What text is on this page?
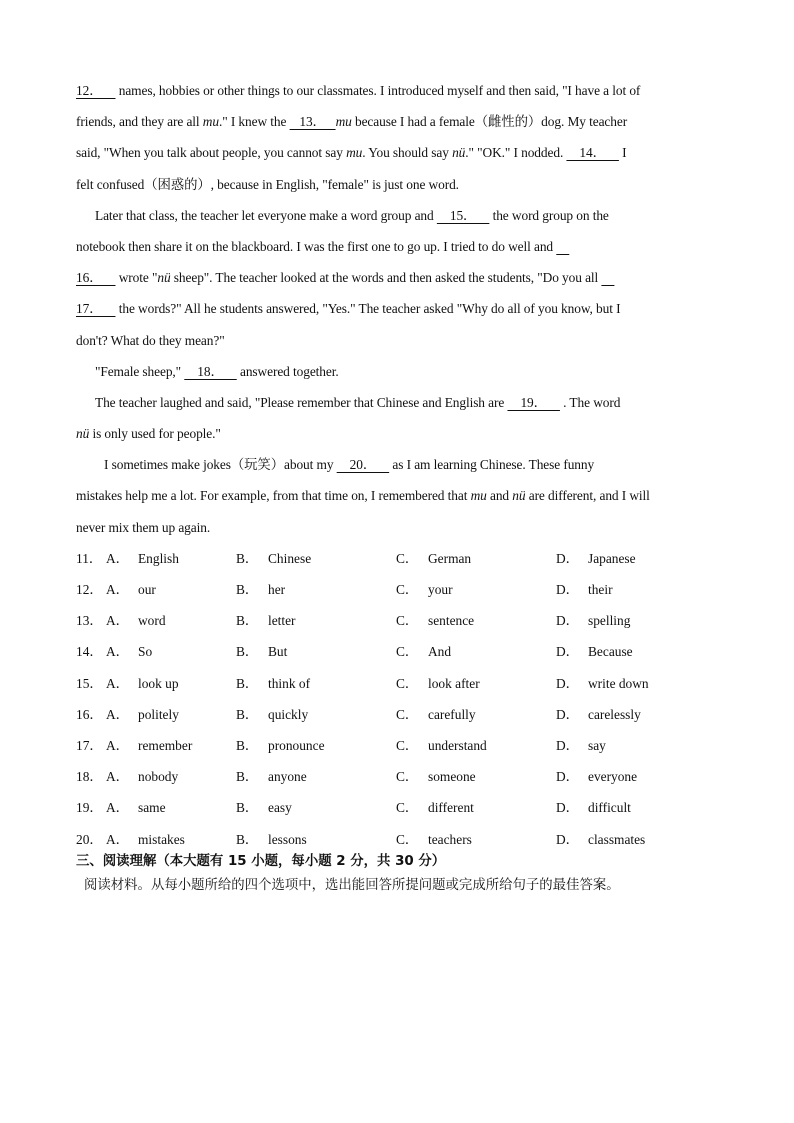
12．     names, hobbies or other things to our classmates. I introduced myself and then said, "I have a lot of
friends, and they are all mu." I knew the    13．   mu because I had a female（雌性的）dog. My teacher
said, "When you talk about people, you cannot say mu. You should say nü." "OK." I nodded.     14．     I
felt confused（困惑的）, because in English, "female" is just one word.
Later that class, the teacher let everyone make a word group and     15．     the word group on the
notebook then share it on the blackboard. I was the first one to go up. I tried to do well and
16．     wrote "nü sheep". The teacher looked at the words and then asked the students, "Do you all
17．     the words?" All he students answered, "Yes." The teacher asked "Why do all of you know, but I
don't? What do they mean?"
"Female sheep,"     18．     answered together.
The teacher laughed and said, "Please remember that Chinese and English are     19．     . The word
nü is only used for people."
I sometimes make jokes（玩笑）about my     20．     as I am learning Chinese. These funny
mistakes help me a lot. For example, from that time on, I remembered that mu and nü are different, and I will
never mix them up again.
11． A． English	B． Chinese	C． German	D． Japanese
12． A． our	B． her	C． your	D． their
13． A． word	B． letter	C． sentence	D． spelling
14． A． So	B． But	C． And	D． Because
15． A． look up	B． think of	C． look after	D． write down
16． A． politely	B． quickly	C． carefully	D． carelessly
17． A． remember	B． pronounce	C． understand	D． say
18． A． nobody	B． anyone	C． someone	D． everyone
19． A． same	B． easy	C． different	D． difficult
20． A． mistakes	B． lessons	C． teachers	D． classmates
三、阅读理解（本大题有 15 小题，每小题 2 分，共 30 分）
阅读材料。从每小题所给的四个选项中，选出能回答所提问题或完成所给句子的最佳答案。
